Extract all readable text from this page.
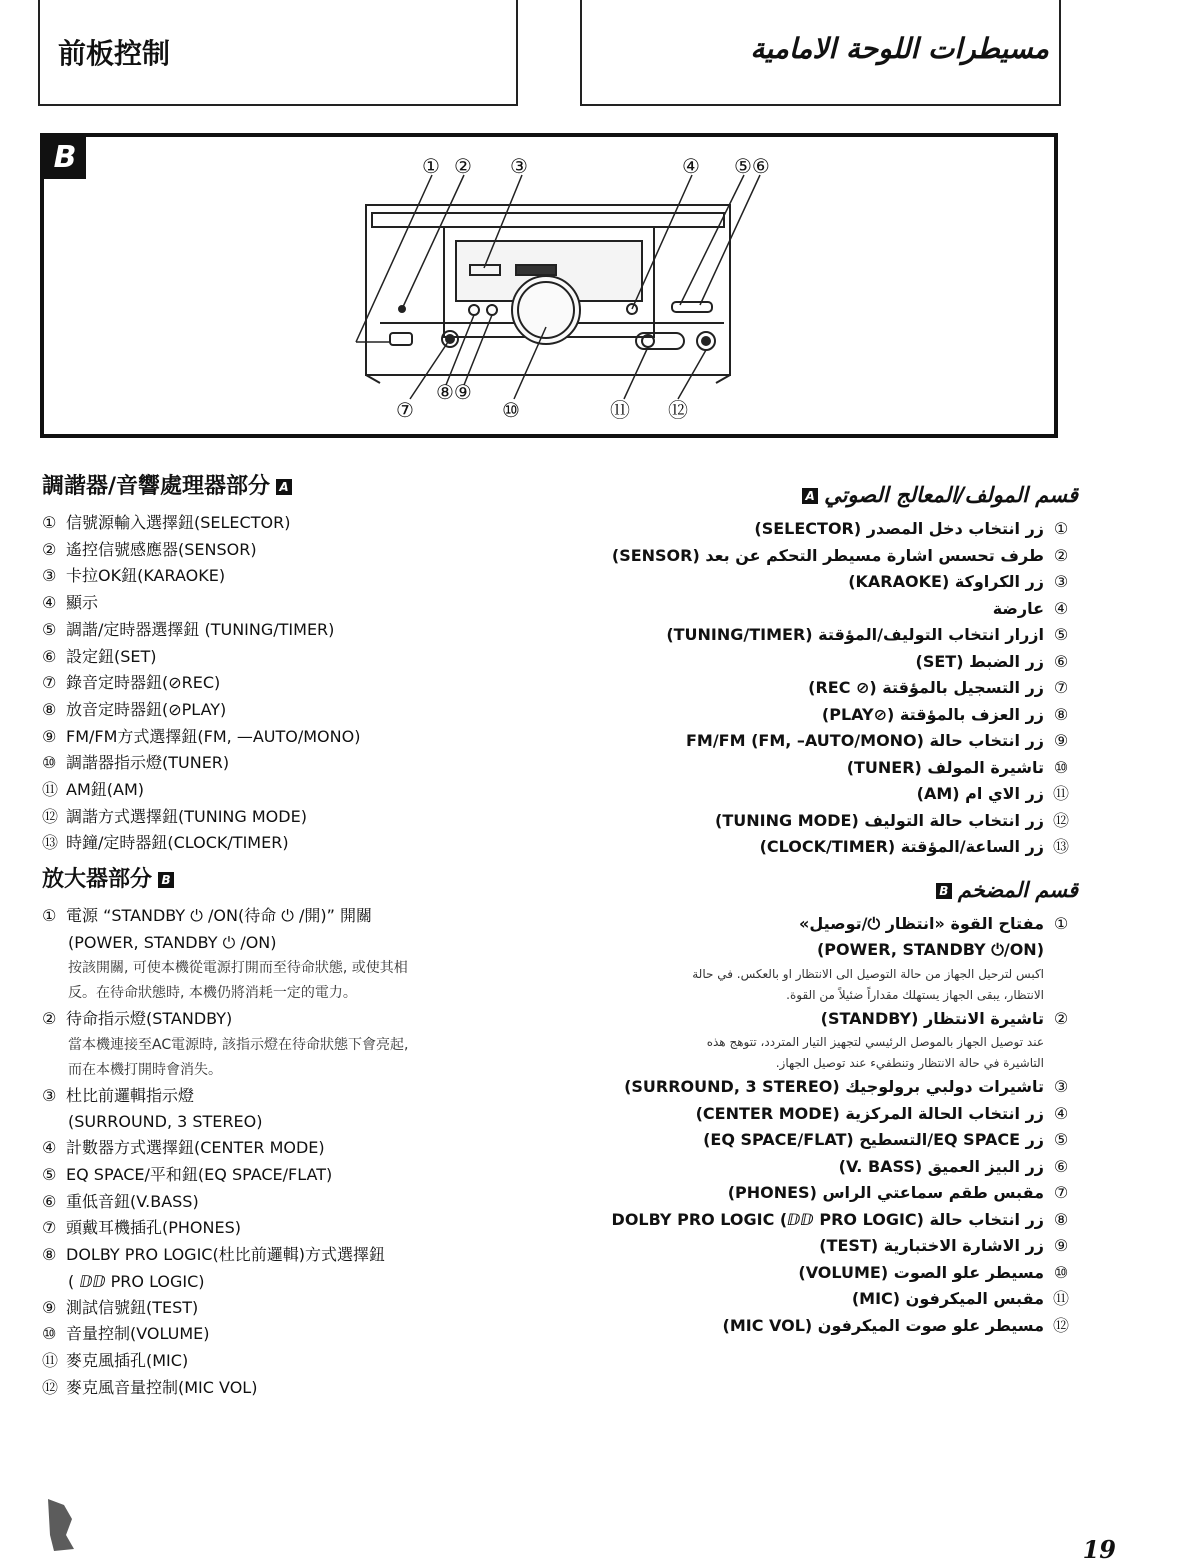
前板控制	مسيطرات اللوحة الامامية
B	① ② ③	④ ⑤⑥
⑦
⑧⑨
⑩	⑪ ⑫
調諧器/音響處理器部分 A
① 信號源輸入選擇鈕(SELECTOR)
② 遙控信號感應器(SENSOR)
③ 卡拉OK鈕(KARAOKE)
④ 顯示
⑤ 調諧/定時器選擇鈕 (TUNING/TIMER)
⑥ 設定鈕(SET)
⑦ 錄音定時器鈕(⊘REC)
⑧ 放音定時器鈕(⊘PLAY)
⑨ FM/FM方式選擇鈕(FM, —AUTO/MONO)
⑩ 調諧器指示燈(TUNER)
⑪ AM鈕(AM)
⑫ 調諧方式選擇鈕(TUNING MODE)
⑬ 時鐘/定時器鈕(CLOCK/TIMER)
放大器部分 B
① 電源 “STANDBY ⏻ /ON(待命 ⏻ /開)” 開關
(POWER, STANDBY ⏻ /ON)
按該開關, 可使本機從電源打開而至待命狀態, 或使其相
反。在待命狀態時, 本機仍將消耗一定的電力。
② 待命指示燈(STANDBY)
當本機連接至AC電源時, 該指示燈在待命狀態下會亮起,
而在本機打開時會消失。
③ 杜比前邏輯指示燈
(SURROUND, 3 STEREO)
④ 計數器方式選擇鈕(CENTER MODE)
⑤ EQ SPACE/平和鈕(EQ SPACE/FLAT)
⑥ 重低音鈕(V.BASS)
⑦ 頭戴耳機插孔(PHONES)
⑧ DOLBY PRO LOGIC(杜比前邏輯)方式選擇鈕
( ⅅⅅ PRO LOGIC)
⑨ 測試信號鈕(TEST)
⑩ 音量控制(VOLUME)
⑪ 麥克風插孔(MIC)
⑫ 麥克風音量控制(MIC VOL)
قسم المولف/المعالج الصوتيA
①زر انتخاب دخل المصدر (SELECTOR)
②طرف تحسس اشارة مسيطر التحكم عن بعد (SENSOR)
③زر الكراوكة (KARAOKE)
④عارضة
⑤ازرار انتخاب التوليف/المؤقتة (TUNING/TIMER)
⑥زر الضبط (SET)
⑦زر التسجيل بالمؤقتة (⊘ REC)
⑧زر العزف بالمؤقتة (⊘PLAY)
⑨زر انتخاب حالة FM/FM (FM, –AUTO/MONO)
⑩تاشيرة المولف (TUNER)
⑪زر الاي ام (AM)
⑫زر انتخاب حالة التوليف (TUNING MODE)
⑬زر الساعة/المؤقتة (CLOCK/TIMER)
قسم المضخمB
①مفتاح القوة «انتظار ⏻/توصيل»
(POWER, STANDBY ⏻/ON)
اكبس لترحيل الجهاز من حالة التوصيل الى الانتظار او بالعكس. في حالة
الانتظار، يبقى الجهاز يستهلك مقداراً ضئيلاً من القوة.
②تاشيرة الانتظار (STANDBY)
عند توصيل الجهاز بالموصل الرئيسي لتجهيز التيار المتردد، تتوهج هذه
التاشيرة في حالة الانتظار وتنطفيء عند توصيل الجهاز.
③تاشيرات دولبي برولوجيك (SURROUND, 3 STEREO)
④زر انتخاب الحالة المركزية (CENTER MODE)
⑤زر EQ SPACE/التسطيح (EQ SPACE/FLAT)
⑥زر البيز العميق (V. BASS)
⑦مقبس طقم سماعتي الراس (PHONES)
⑧زر انتخاب حالة DOLBY PRO LOGIC (ⅅⅅ PRO LOGIC)
⑨زر الاشارة الاختبارية (TEST)
⑩مسيطر علو الصوت (VOLUME)
⑪مقبس الميكرفون (MIC)
⑫مسيطر علو صوت الميكرفون (MIC VOL)
19
